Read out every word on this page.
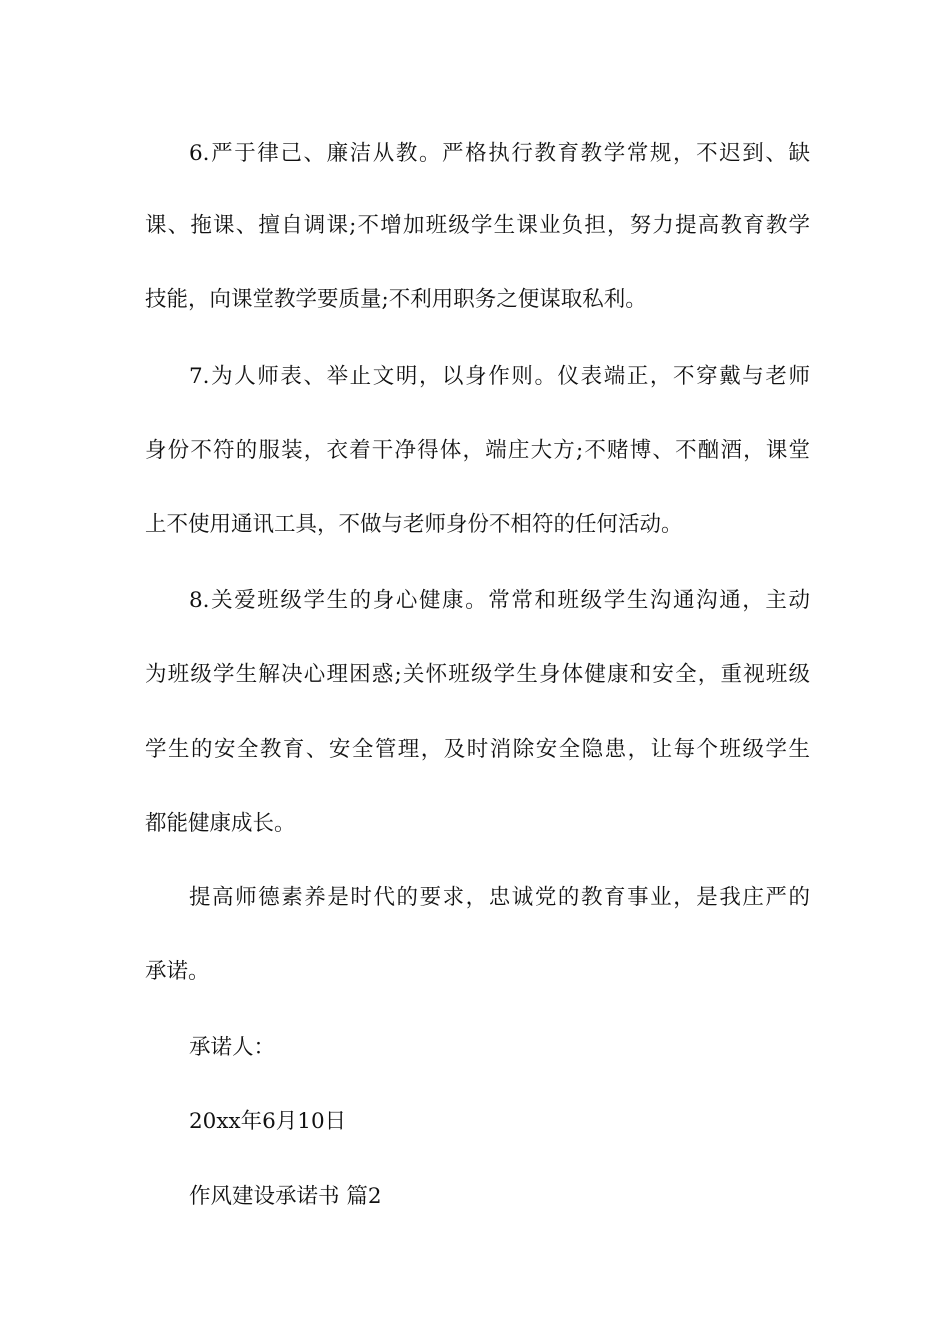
6.严于律己、廉洁从教。严格执行教育教学常规，不迟到、缺

课、拖课、擅自调课;不增加班级学生课业负担，努力提高教育教学

技能，向课堂教学要质量;不利用职务之便谋取私利。

7.为人师表、举止文明，以身作则。仪表端正，不穿戴与老师

身份不符的服装，衣着干净得体，端庄大方;不赌博、不酗酒，课堂

上不使用通讯工具，不做与老师身份不相符的任何活动。

8.关爱班级学生的身心健康。常常和班级学生沟通沟通，主动

为班级学生解决心理困惑;关怀班级学生身体健康和安全，重视班级

学生的安全教育、安全管理，及时消除安全隐患，让每个班级学生

都能健康成长。

提高师德素养是时代的要求，忠诚党的教育事业，是我庄严的

承诺。

承诺人：

20xx年6月10日

作风建设承诺书 篇2
